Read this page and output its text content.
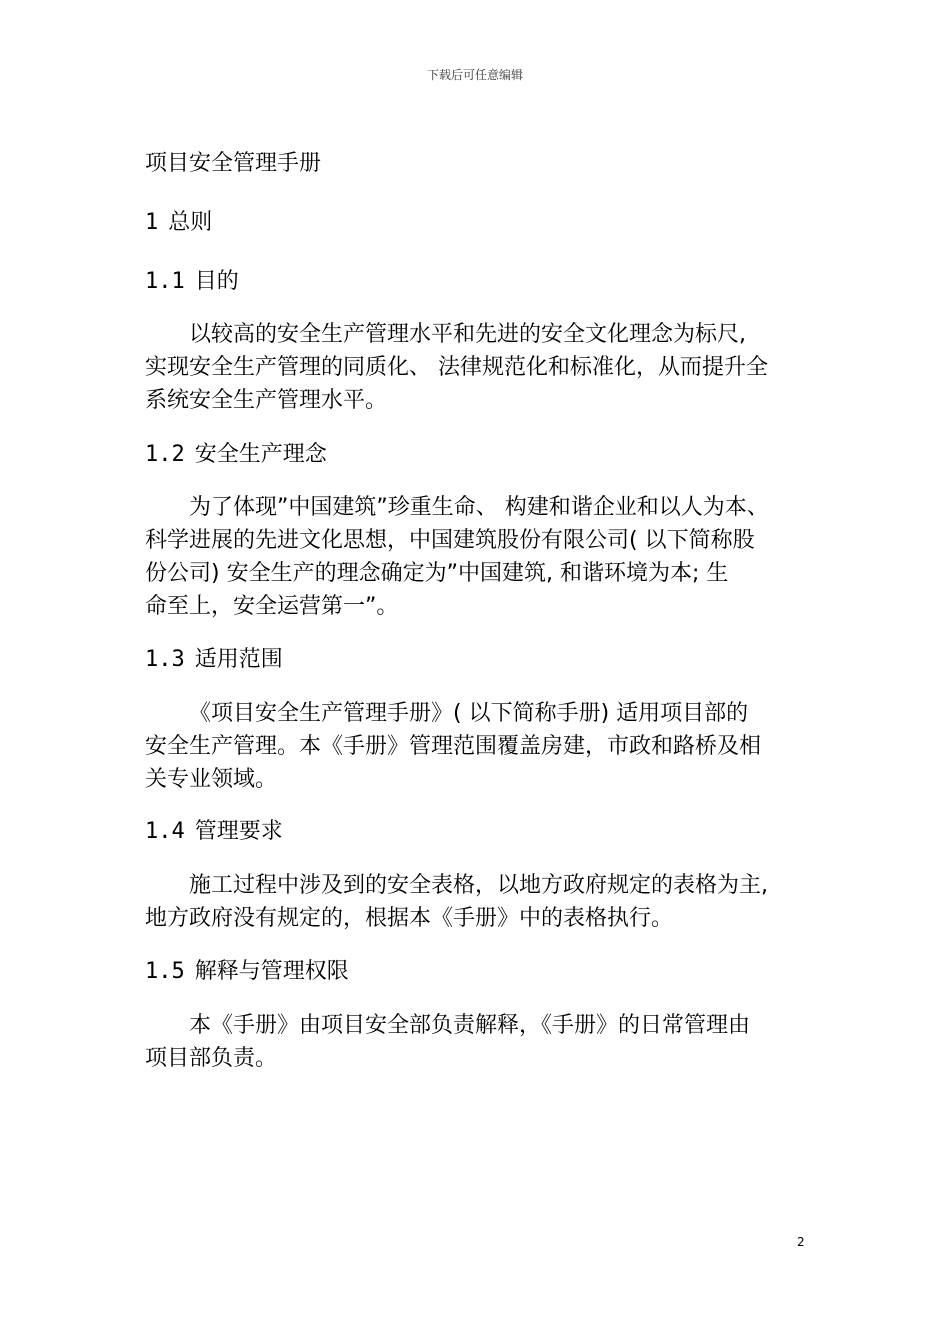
下载后可任意编辑
项目安全管理手册
1 总则
1.1 目的
以较高的安全生产管理水平和先进的安全文化理念为标尺,
实现安全生产管理的同质化、 法律规范化和标准化，从而提升全
系统安全生产管理水平。
1.2 安全生产理念
为了体现”中国建筑”珍重生命、 构建和谐企业和以人为本、
科学进展的先进文化思想，中国建筑股份有限公司( 以下简称股
份公司) 安全生产的理念确定为”中国建筑, 和谐环境为本; 生
命至上，安全运营第一”。
1.3 适用范围
《项目安全生产管理手册》( 以下简称手册) 适用项目部的
安全生产管理。本《手册》管理范围覆盖房建，市政和路桥及相
关专业领域。
1.4 管理要求
施工过程中涉及到的安全表格，以地方政府规定的表格为主,
地方政府没有规定的，根据本《手册》中的表格执行。
1.5 解释与管理权限
本《手册》由项目安全部负责解释，《手册》的日常管理由
项目部负责。
2
